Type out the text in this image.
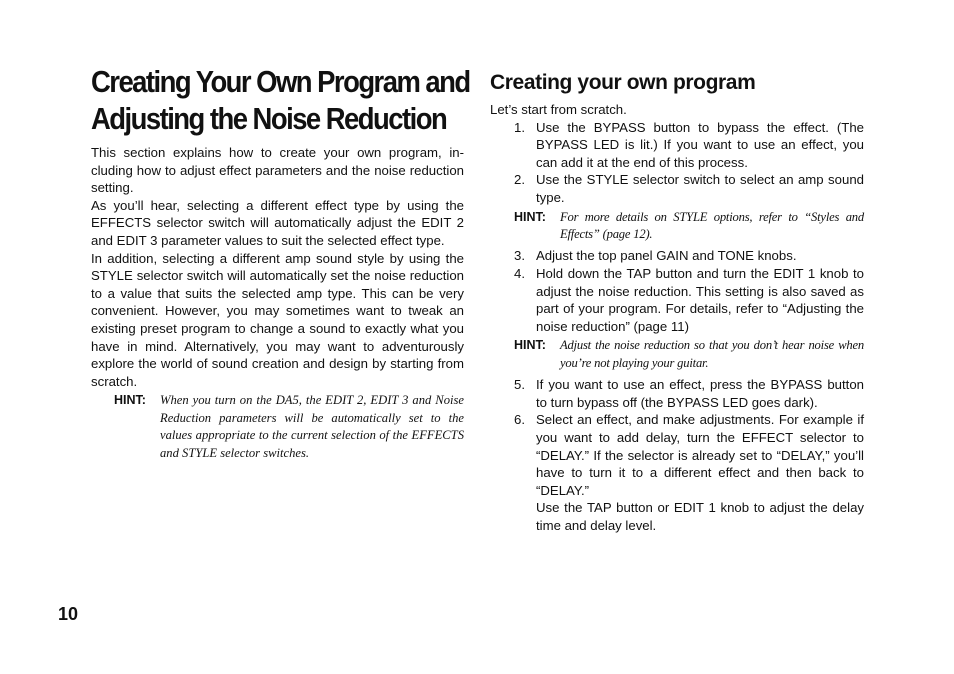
Creating Your Own Program and
Adjusting the Noise Reduction

This section explains how to create your own program, including how to adjust effect parameters and the noise reduction setting.

As you’ll hear, selecting a different effect type by using the EFFECTS selector switch will automatically adjust the EDIT 2 and EDIT 3 parameter values to suit the selected effect type.

In addition, selecting a different amp sound style by using the STYLE selector switch will automatically set the noise reduction to a value that suits the selected amp type. This can be very convenient. However, you may sometimes want to tweak an existing preset program to change a sound to exactly what you have in mind. Alternatively, you may want to adventurously explore the world of sound creation and design by starting from scratch.

HINT:	When you turn on the DA5, the EDIT 2, EDIT 3 and Noise Reduction parameters will be automatically set to the values appropriate to the current selection of the EFFECTS and STYLE selector switches.
Creating your own program

Let’s start from scratch.

1. Use the BYPASS button to bypass the effect. (The BYPASS LED is lit.) If you want to use an effect, you can add it at the end of this process.
2. Use the STYLE selector switch to select an amp sound type.
HINT:	For more details on STYLE options, refer to “Styles and Effects” (page 12).
3. Adjust the top panel GAIN and TONE knobs.
4. Hold down the TAP button and turn the EDIT 1 knob to adjust the noise reduction. This setting is also saved as part of your program. For details, refer to “Adjusting the noise reduction” (page 11)
HINT:	Adjust the noise reduction so that you don’t hear noise when you’re not playing your guitar.
5. If you want to use an effect, press the BYPASS button to turn bypass off (the BYPASS LED goes dark).
6. Select an effect, and make adjustments. For example if you want to add delay, turn the EFFECT selector to “DELAY.” If the selector is already set to “DELAY,” you’ll have to turn it to a different effect and then back to “DELAY.”
Use the TAP button or EDIT 1 knob to adjust the delay time and delay level.
10
